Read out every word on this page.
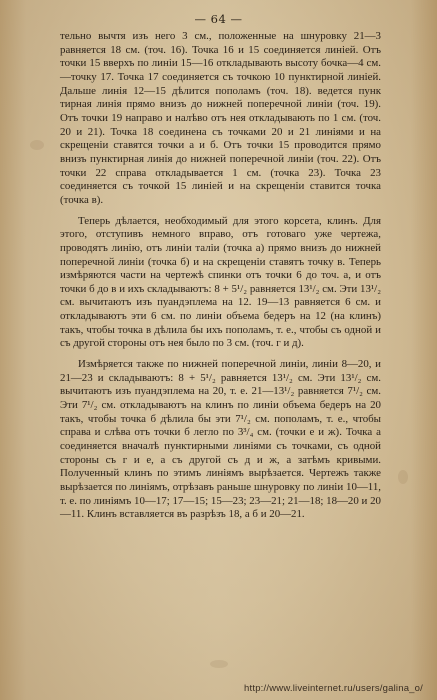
— 64 —

тельно вычтя изъ него 3 см., положенные на шнуровку 21—3 равняется 18 см. (точ. 16). Точка 16 и 15 соединяется линіей. Отъ точки 15 вверхъ по линіи 15—16 откладывають высоту бочка—4 см.—точку 17. Точка 17 соединяется съ точкою 10 пунктирной линіей. Дальше линія 12—15 дѣлится пополамъ (точ. 18). ведется пунк тирная линія прямо внизъ до нижней поперечной линіи (точ. 19). Отъ точки 19 направо и налѣво отъ нея откладывають по 1 см. (точ. 20 и 21). Точка 18 соединена съ точками 20 и 21 линіями и на скрещеніи ставятся точки а и б. Отъ точки 15 проводится прямо внизъ пунктирная линія до нижней поперечной линіи (точ. 22). Отъ точки 22 справа откладывается 1 см. (точка 23). Точка 23 соединяется съ точкой 15 линіей и на скрещеніи ставится точка (точка в).

Теперь дѣлается, необходимый для этого корсета, клинъ. Для этого, отступивъ немного вправо, отъ готоваго уже чертежа, проводятъ линію, отъ линіи таліи (точка а) прямо внизъ до нижней поперечной линіи (точка б) и на скрещеніи ставятъ точку в. Теперь измѣряются части на чертежѣ спинки отъ точки 6 до точ. а, и отъ точки б до в и ихъ складываютъ: 8 + 5¹/₂ равняется 13¹/₂ см. Эти 13¹/₂ см. вычитаютъ изъ пуандэплема на 12. 19—13 равняется 6 см. и откладываютъ эти 6 см. по линіи объема бедеръ на 12 (на клинъ) такъ, чтобы точка в дѣлила бы ихъ пополамъ, т. е., чтобы съ одной и съ другой стороны отъ нея было по 3 см. (точ. г и д).

Измѣряется также по нижней поперечной линіи, линіи 8—20, и 21—23 и складываютъ: 8 + 5¹/₂ равняется 13¹/₂ см. Эти 13¹/₂ см. вычитаютъ изъ пуандэплема на 20, т. е. 21—13¹/₂ равняется 7¹/₂ см. Эти 7¹/₂ см. откладываютъ на клинъ по линіи объема бедеръ на 20 такъ, чтобы точка б дѣлила бы эти 7¹/₂ см. пополамъ, т. е., чтобы справа и слѣва отъ точки б легло по 3³/₄ см. (точки е и ж). Точка а соединяется вначалѣ пунктирными линіями съ точками, съ одной стороны съ г и е, а съ другой съ д и ж, а затѣмъ кривыми. Полученный клинъ по этимъ линіямъ вырѣзается. Чертежъ также вырѣзается по линіямъ, отрѣзавъ раньше шнуровку по линіи 10—11, т. е. по линіямъ 10—17; 17—15; 15—23; 23—21; 21—18; 18—20 и 20—11. Клинъ вставляется въ разрѣзъ 18, а б и 20—21.

http://www.liveinternet.ru/users/galina_o/
